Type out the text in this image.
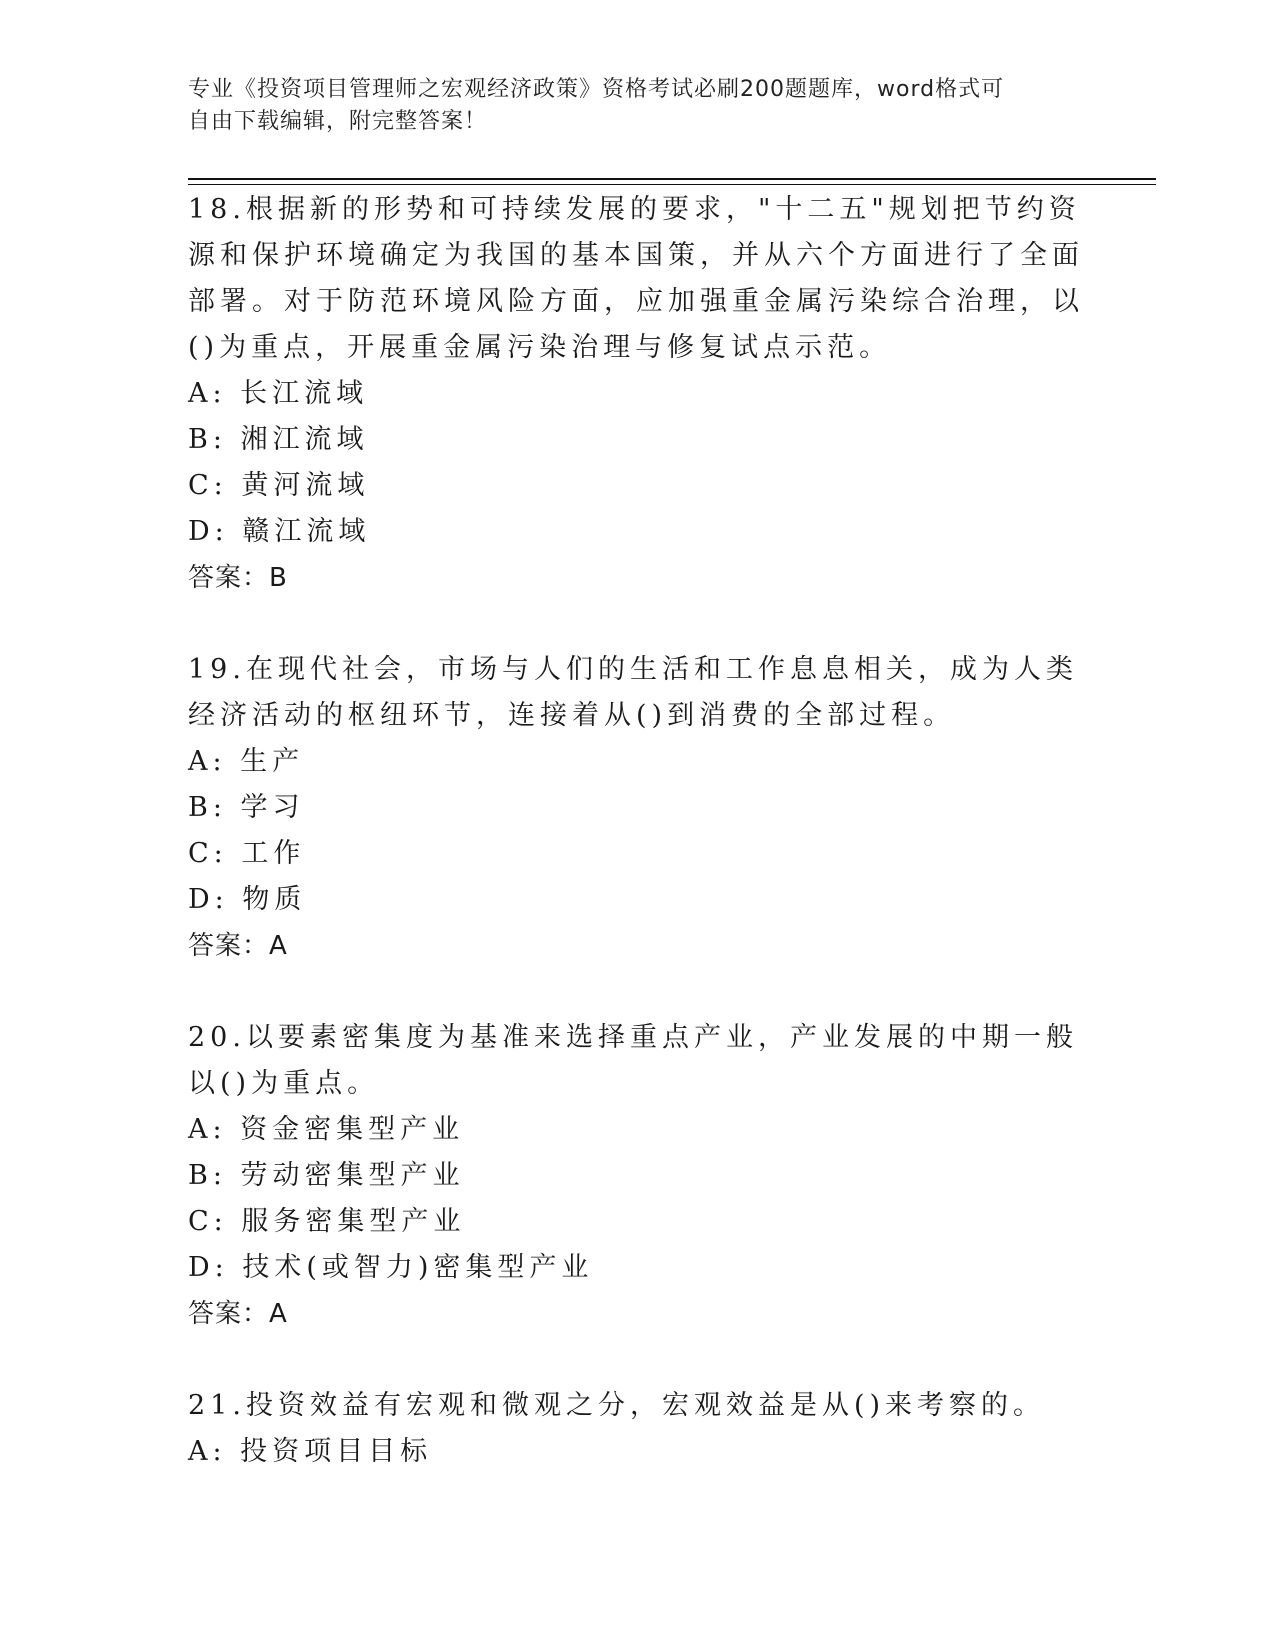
专业《投资项目管理师之宏观经济政策》资格考试必刷200题题库，word格式可
自由下载编辑，附完整答案！

18.根据新的形势和可持续发展的要求，"十二五"规划把节约资源和保护环境确定为我国的基本国策，并从六个方面进行了全面部署。对于防范环境风险方面，应加强重金属污染综合治理，以()为重点，开展重金属污染治理与修复试点示范。

A: 长江流域

B: 湘江流域

C: 黄河流域

D: 赣江流域

答案：B

19.在现代社会，市场与人们的生活和工作息息相关，成为人类经济活动的枢纽环节，连接着从()到消费的全部过程。

A: 生产

B: 学习

C: 工作

D: 物质

答案：A

20.以要素密集度为基准来选择重点产业，产业发展的中期一般以()为重点。

A: 资金密集型产业

B: 劳动密集型产业

C: 服务密集型产业

D: 技术(或智力)密集型产业

答案：A

21.投资效益有宏观和微观之分，宏观效益是从()来考察的。

A: 投资项目目标
